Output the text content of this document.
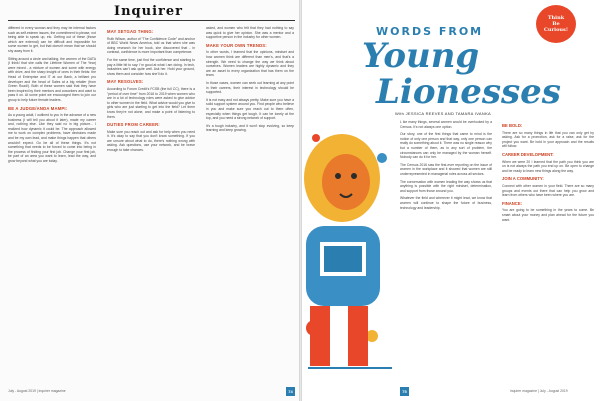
Inquirer

different in every woman and they may be internal factors such as self-esteem issues, the commitment to please, not being able to speak up, etc. Getting out of these (those which are external) can be difficult and impossible for some women to get, but that doesn't mean that we should shy away from it.

Sitting around a circle and talking, the women of the DATA (I think! that she calls the Lifetime Women of The Year) were mixed - a mixture of women and some with energy with drive, and the sharp insight of ones in their fields: the Head of Enterprise and IT at our Bank, a brilliant pro developer and the head of Sales at a big retailer (from Green Road!). Both of these women said that they have been inspired by their mentors and coworkers and want to pass it on. At some point we encouraged them to join our group to help future female leaders.

BE A JUDGE/ANDA MAMPI:

As a young adult, I outlined to you in the advance of a new business (I will tell you about it later), made my career and, nothing else. Like they said no in big picture... I realized how dynamic it could be. The approach allowed me to work on complex problems, have decisions made and be my own lead, and make things happen that others wouldn't expect. Go be all of these things. It's not something that needs to be forced to come into being in the process of finding your first job. Change your first job, be part of an area you want to learn, lead the way, and grow beyond what you are today.

MAY SETGAD THING:

Ruth Wilson, author of "The Confidence Code" and anchor of BBC World News America, told us that when she was doing research for her book, she discovered that - in contrast, confidence is more important than competence.

For the same time, just find the confidence and starting to pay a little bit to say: I'm good at what I am doing. In tech, industries can't ask quite well. Ask her. Hold your ground, show them and consider how she'll do it.

MAY RESOLVES:

According to Forum Credit's FCSB (the full CC), there is a "period of over time" from 2016 to 2019 when women who are in a lot of technology roles were asked to give advice to other women in the field. What advice would you give to girls who are just starting to get into the field? Let them know they're not alone, and make a point of listening to them.

DUTIES FROM CAREER:

Make sure you reach out and ask for help when you need it. It's okay to say that you don't know something. If you are unsure about what to do, there's nothing wrong with asking. Ask questions, use your network, and be brave enough to take chances.

asked, and women who felt that they had nothing to say was quick to give her opinion. She was a mentor and a supportive person in the industry for other women.

MAKE YOUR OWN TRENDS:

In other words, I learned that the opinions, mindset and how women think are different than men's, and that's a strength. We need to change the way we think about ourselves. Women leaders are highly dynamic and they are an asset to every organization that has them on the team.

In those cases, women can seek out learning at any point in their careers, their interest in technology should be supported.

It is not easy and not always pretty. Make sure you have a solid support system around you. Find people who believe in you and make sure you reach out to them often, especially when things get tough. It can be lonely at the top, and you need a strong network of support.

It's a tough industry, and it won't stop evolving, so keep learning and keep growing.

July - August 2019 | inquirer magazine	74
Think
Be
Curious!
WORDS FROM
Young
Lionesses
With JESSICA REEVES AND TAMARA IVANKA

L ike many things, several women would be overlooked by a Census. It's not always one option.

Our story, one of the first things that came to mind is the notion of only one person and that way, only one person can really do something about it. There was no single reason why but a number of them, as in any sort of problem, the circumstances can only be managed by the woman herself. Nobody can do it for her.

The Census 2016 saw the first-ever reporting on the issue of women in the workplace and it showed that women are still underrepresented in managerial roles across all sectors.

The conversation with women leading the way shows us that anything is possible with the right mindset, determination, and support from those around you.

Whatever the field and wherever it might lead, we know that women will continue to shape the future of business, technology and leadership.

BE BOLD:

There are so many things in life that you can only get by asking. Ask for a promotion, ask for a raise, ask for the project you want. Be bold in your approach and the results will follow.

CAREER DEVELOPMENT:

When we were 20 I learned that the path you think you are on is not always the path you end up on. Be open to change and be ready to learn new things along the way.

JOIN A COMMUNITY:

Connect with other women in your field. There are so many groups and events out there that can help you grow and learn from others who have been where you are.

FINANCE:

You are going to be something in the years to come. Be smart about your money and plan ahead for the future you want.

75	inquirer magazine | July - August 2019
